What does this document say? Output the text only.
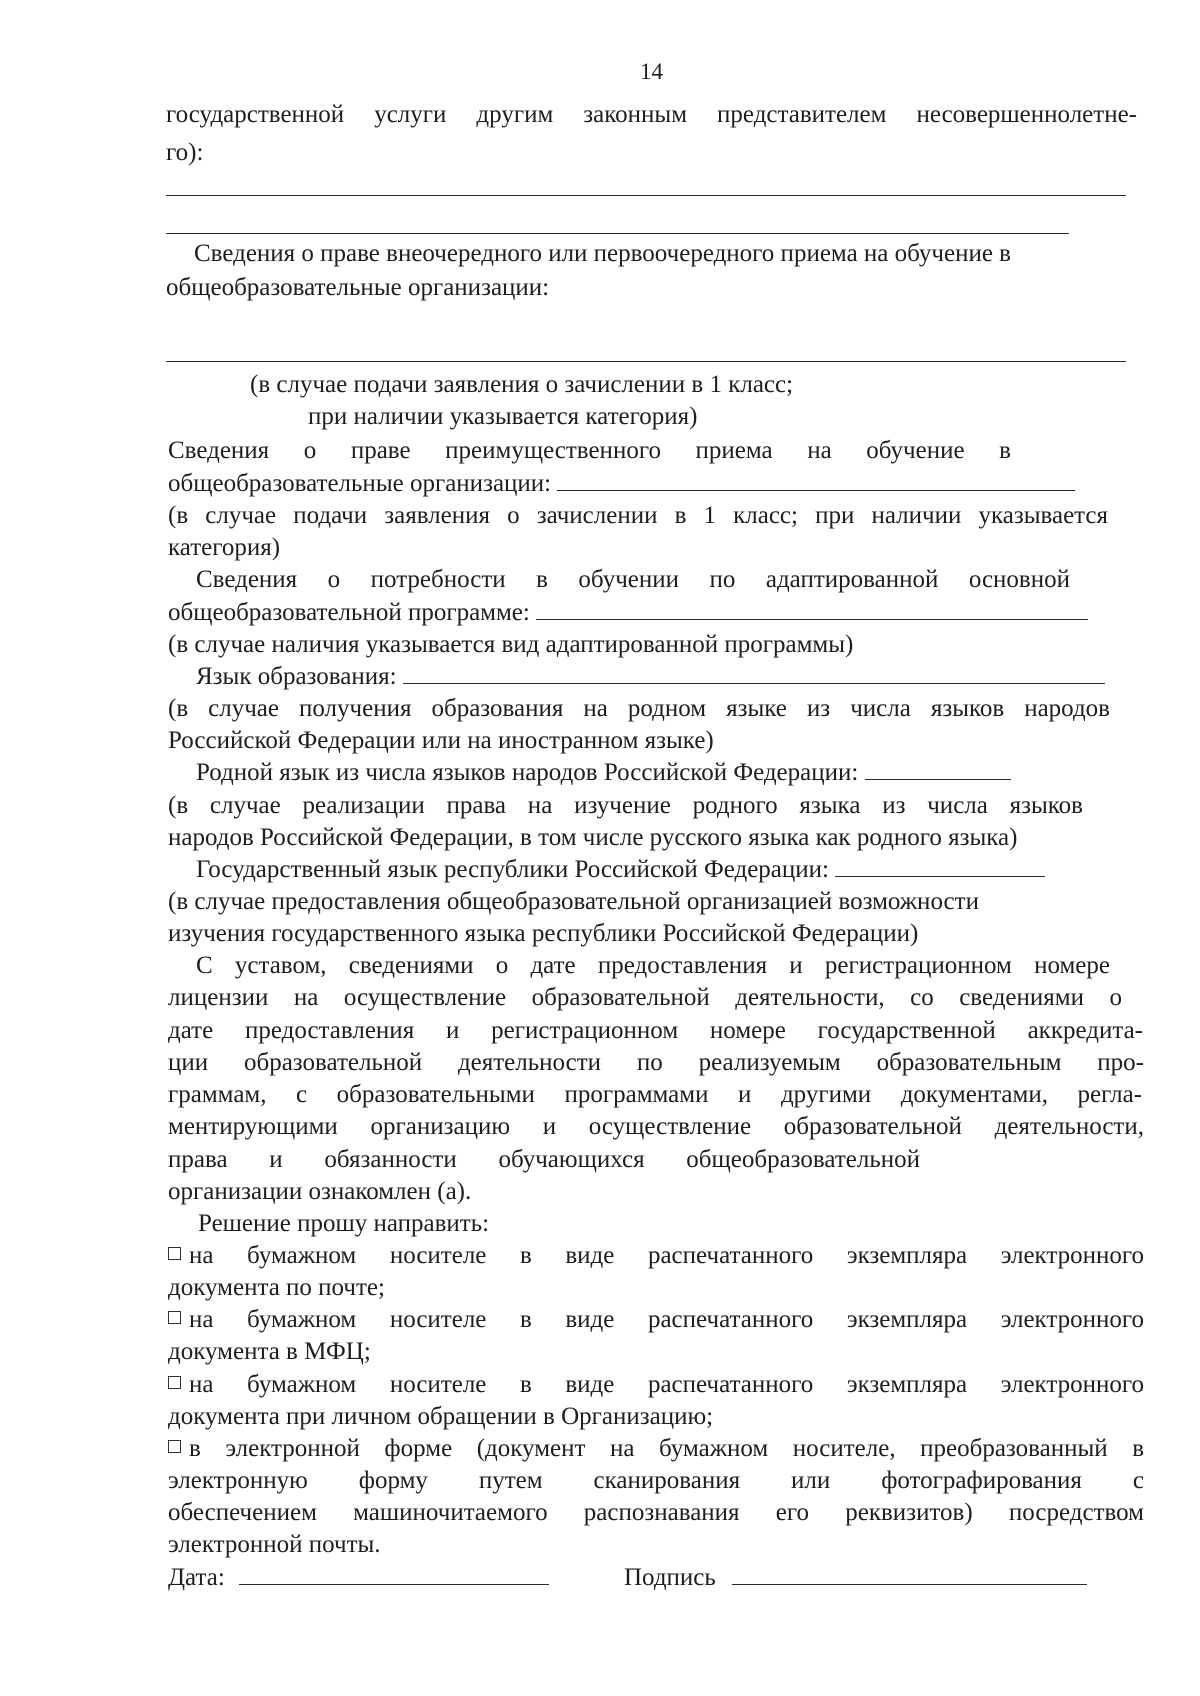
14
государственной услуги другим законным представителем несовершеннолетне-
го):
Сведения о праве внеочередного или первоочередного приема на обучение в
общеобразовательные организации:
(в случае подачи заявления о зачислении в 1 класс;
при наличии указывается категория)
Сведения о праве преимущественного приема на обучение в
общеобразовательные организации:
(в случае подачи заявления о зачислении в 1 класс; при наличии указывается
категория)
Сведения о потребности в обучении по адаптированной основной
общеобразовательной программе:
(в случае наличия указывается вид адаптированной программы)
Язык образования:
(в случае получения образования на родном языке из числа языков народов
Российской Федерации или на иностранном языке)
Родной язык из числа языков народов Российской Федерации:
(в случае реализации права на изучение родного языка из числа языков
народов Российской Федерации, в том числе русского языка как родного языка)
Государственный язык республики Российской Федерации:
(в случае предоставления общеобразовательной организацией возможности
изучения государственного языка республики Российской Федерации)
С уставом, сведениями о дате предоставления и регистрационном номере
лицензии на осуществление образовательной деятельности, со сведениями о
дате предоставления и регистрационном номере государственной аккредита-
ции образовательной деятельности по реализуемым образовательным про-
граммам, с образовательными программами и другими документами, регла-
ментирующими организацию и осуществление образовательной деятельности,
права и обязанности обучающихся общеобразовательной
организации ознакомлен (а).
Решение прошу направить:
на бумажном носителе в виде распечатанного экземпляра электронного
документа по почте;
на бумажном носителе в виде распечатанного экземпляра электронного
документа в МФЦ;
на бумажном носителе в виде распечатанного экземпляра электронного
документа при личном обращении в Организацию;
в электронной форме (документ на бумажном носителе, преобразованный в
электронную форму путем сканирования или фотографирования с
обеспечением машиночитаемого распознавания его реквизитов) посредством
электронной почты.
Дата:	Подпись
